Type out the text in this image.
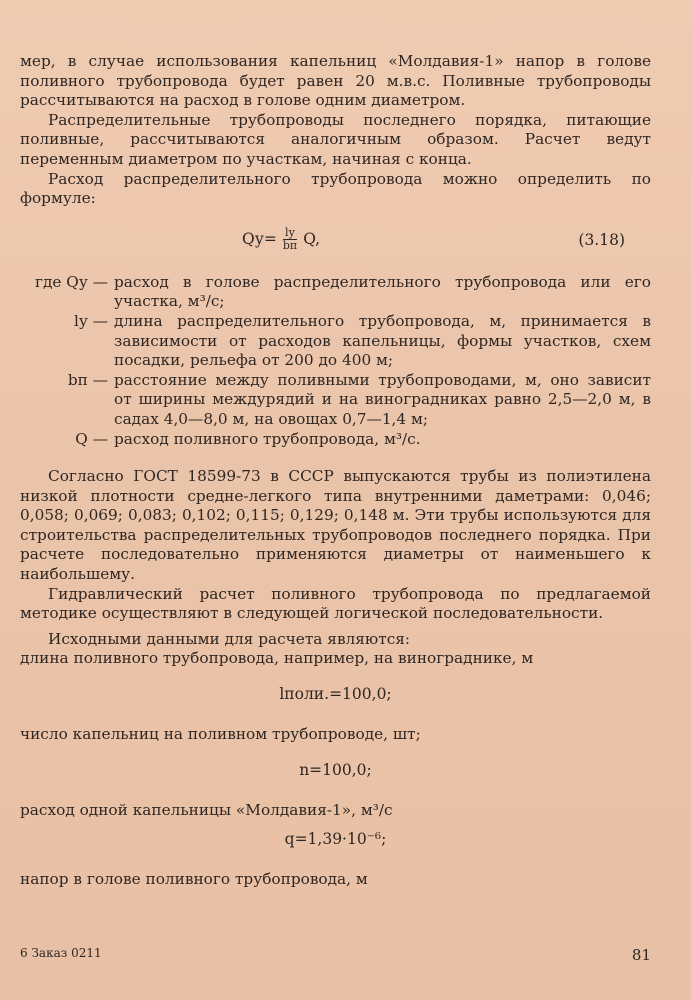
мер, в случае использования капельниц «Молдавия-1» напор в голове поливного трубопровода будет равен 20 м.в.с. Поливные трубопроводы рассчитываются на расход в голове одним диаметром.

Распределительные трубопроводы последнего порядка, питающие поливные, рассчитываются аналогичным образом. Расчет ведут переменным диаметром по участкам, начиная с конца.

Расход распределительного трубопровода можно определить по формуле:

Qу = $\frac{lу}{bп} Q$,	(3.18)
где Qу — расход в голове распределительного трубопровода или его участка, м³/с;
lу — длина распределительного трубопровода, м, принимается в зависимости от расходов капельницы, формы участков, схем посадки, рельефа от 200 до 400 м;
bп — расстояние между поливными трубопроводами, м, оно зависит от ширины междурядий и на виноградниках равно 2,5—2,0 м, в садах 4,0—8,0 м, на овощах 0,7—1,4 м;
Q — расход поливного трубопровода, м³/с.

Согласно ГОСТ 18599-73 в СССР выпускаются трубы из полиэтилена низкой плотности средне-легкого типа внутренними даметрами: 0,046; 0,058; 0,069; 0,083; 0,102; 0,115; 0,129; 0,148 м. Эти трубы используются для строительства распределительных трубопроводов последнего порядка. При расчете последовательно применяются диаметры от наименьшего к наибольшему.

Гидравлический расчет поливного трубопровода по предлагаемой методике осуществляют в следующей логической последовательности.

Исходными данными для расчета являются:

длина поливного трубопровода, например, на винограднике, м

lполи.=100,0;

число капельниц на поливном трубопроводе, шт;

n=100,0;

расход одной капельницы «Молдавия-1», м³/с

q=1,39·10⁻⁶;

напор в голове поливного трубопровода, м

6 Заказ 0211	81
